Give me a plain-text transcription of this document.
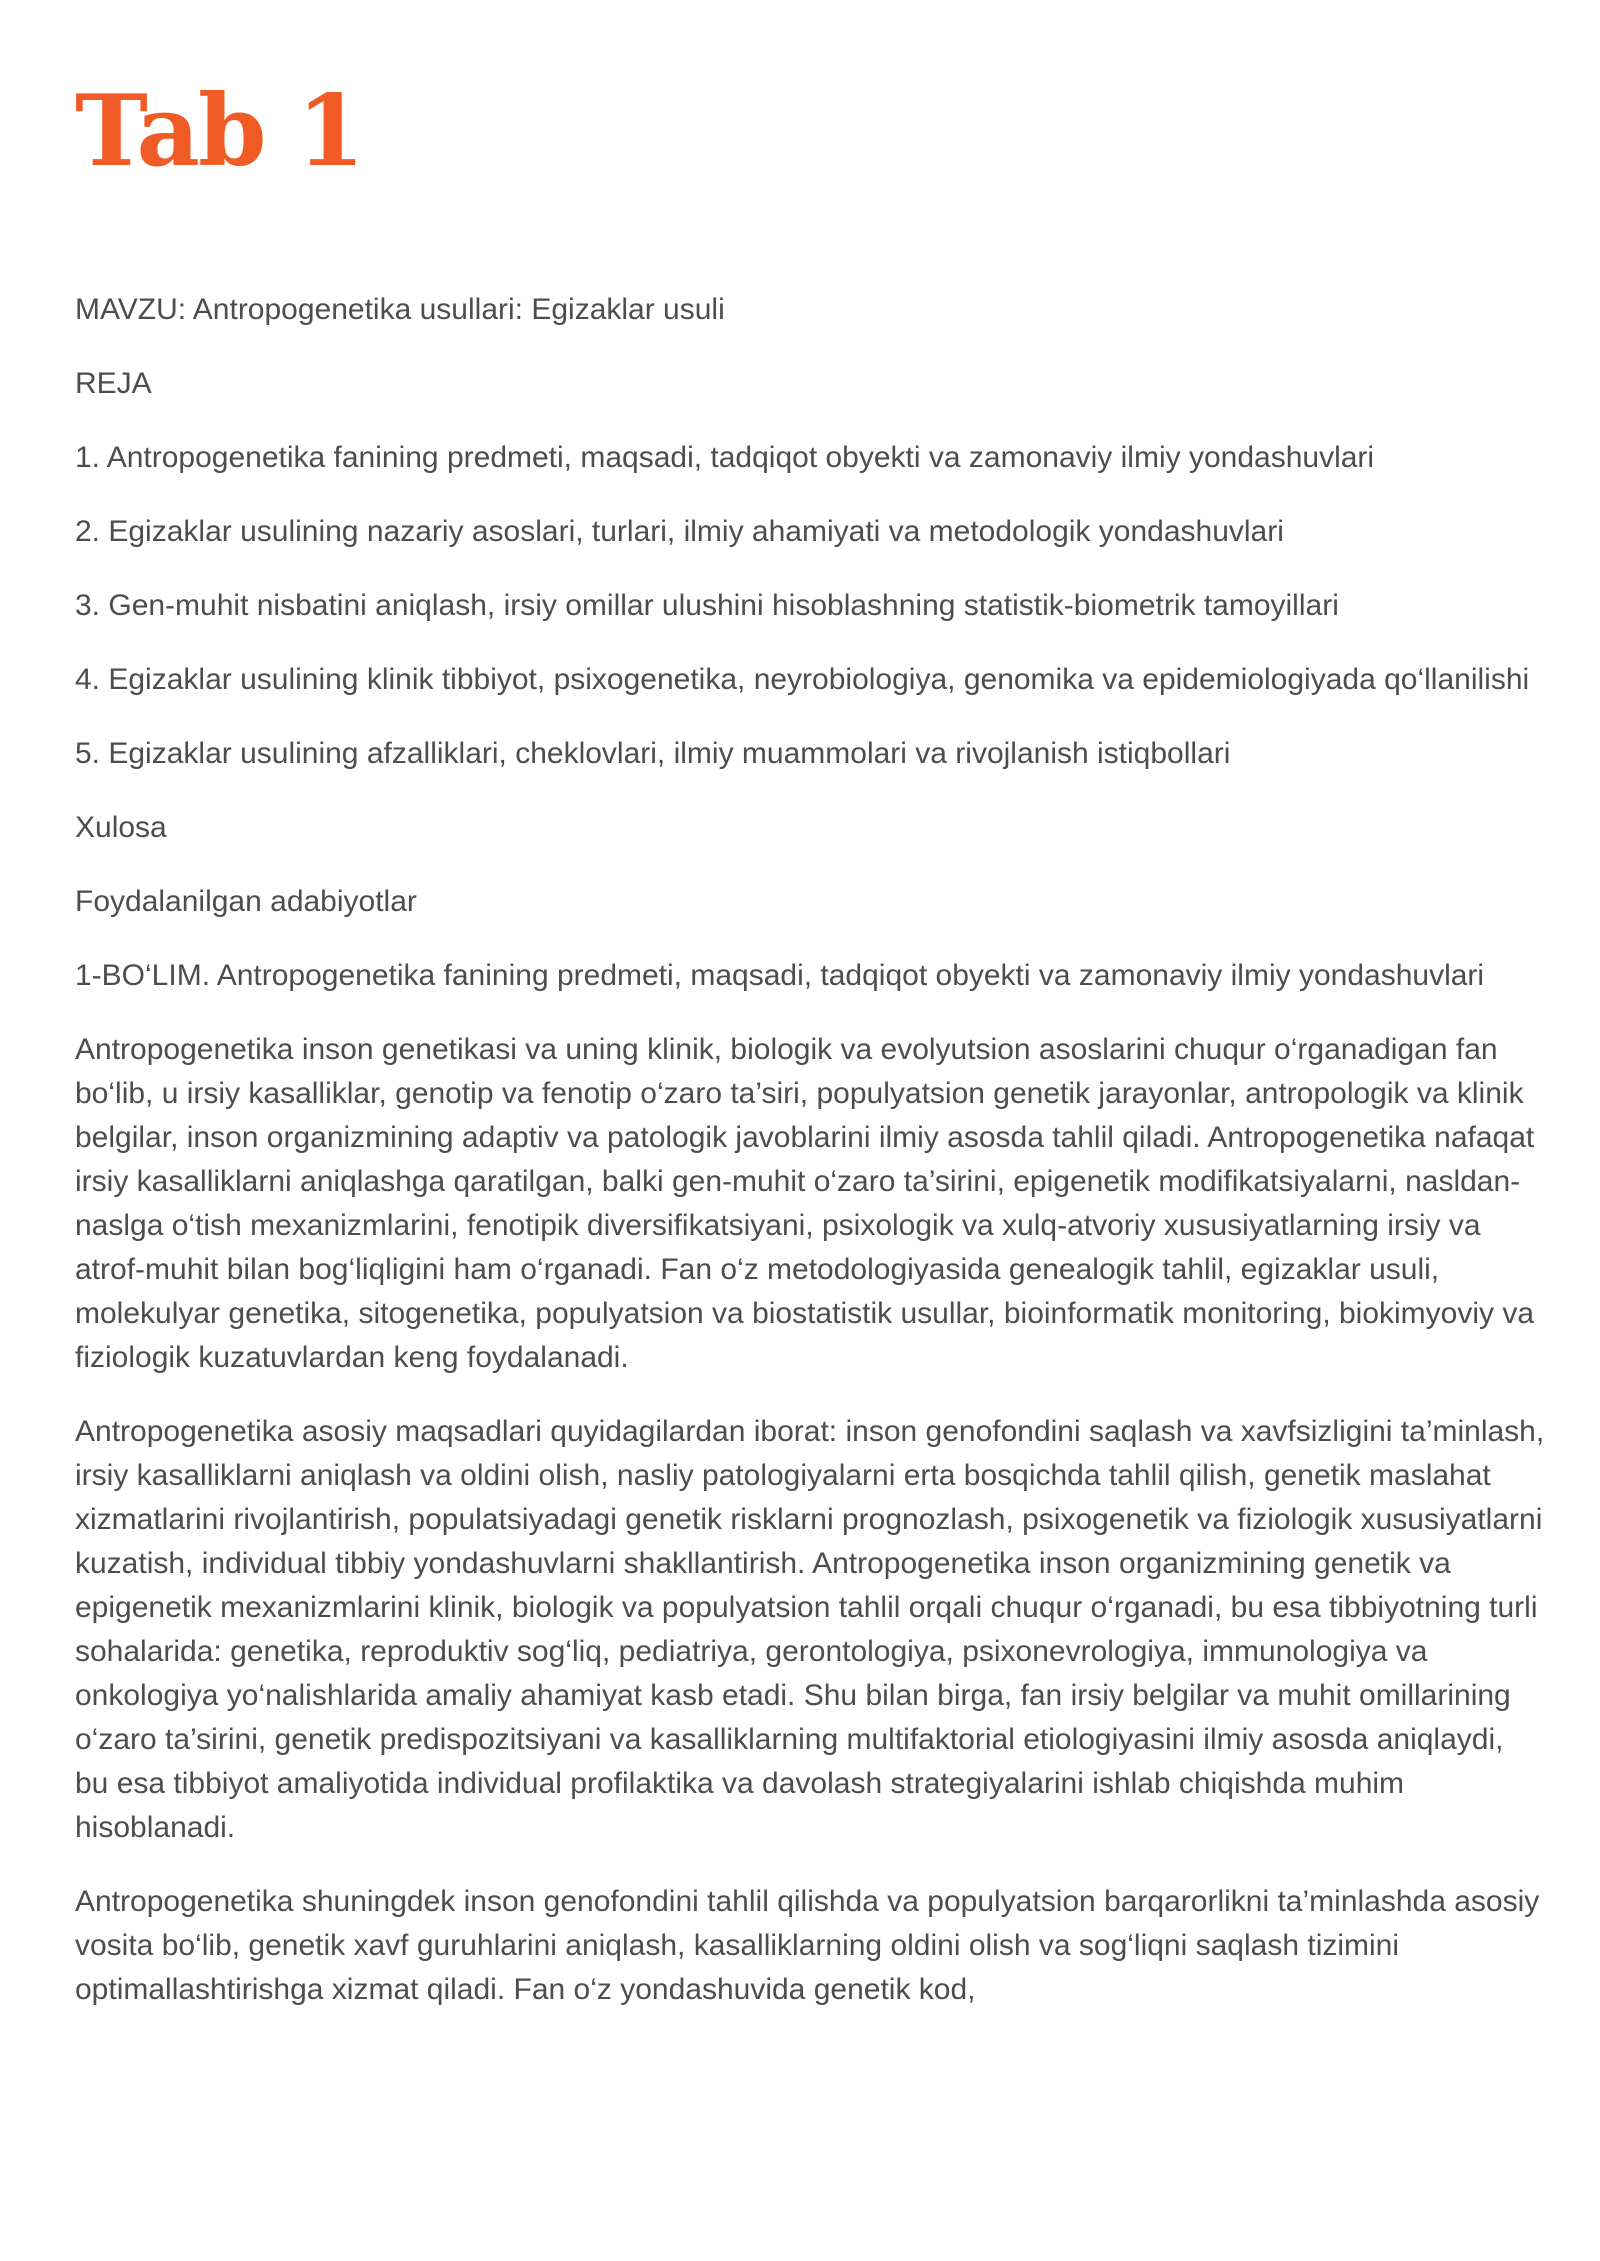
Tab 1

MAVZU: Antropogenetika usullari: Egizaklar usuli

REJA

1. Antropogenetika fanining predmeti, maqsadi, tadqiqot obyekti va zamonaviy ilmiy yondashuvlari

2. Egizaklar usulining nazariy asoslari, turlari, ilmiy ahamiyati va metodologik yondashuvlari

3. Gen-muhit nisbatini aniqlash, irsiy omillar ulushini hisoblashning statistik-biometrik tamoyillari

4. Egizaklar usulining klinik tibbiyot, psixogenetika, neyrobiologiya, genomika va epidemiologiyada qo‘llanilishi

5. Egizaklar usulining afzalliklari, cheklovlari, ilmiy muammolari va rivojlanish istiqbollari

Xulosa

Foydalanilgan adabiyotlar

1-BO‘LIM. Antropogenetika fanining predmeti, maqsadi, tadqiqot obyekti va zamonaviy ilmiy yondashuvlari

Antropogenetika inson genetikasi va uning klinik, biologik va evolyutsion asoslarini chuqur o‘rganadigan fan bo‘lib, u irsiy kasalliklar, genotip va fenotip o‘zaro ta’siri, populyatsion genetik jarayonlar, antropologik va klinik belgilar, inson organizmining adaptiv va patologik javoblarini ilmiy asosda tahlil qiladi. Antropogenetika nafaqat irsiy kasalliklarni aniqlashga qaratilgan, balki gen-muhit o‘zaro ta’sirini, epigenetik modifikatsiyalarni, nasldan-naslga o‘tish mexanizmlarini, fenotipik diversifikatsiyani, psixologik va xulq-atvoriy xususiyatlarning irsiy va atrof-muhit bilan bog‘liqligini ham o‘rganadi. Fan o‘z metodologiyasida genealogik tahlil, egizaklar usuli, molekulyar genetika, sitogenetika, populyatsion va biostatistik usullar, bioinformatik monitoring, biokimyoviy va fiziologik kuzatuvlardan keng foydalanadi.

Antropogenetika asosiy maqsadlari quyidagilardan iborat: inson genofondini saqlash va xavfsizligini ta’minlash, irsiy kasalliklarni aniqlash va oldini olish, nasliy patologiyalarni erta bosqichda tahlil qilish, genetik maslahat xizmatlarini rivojlantirish, populatsiyadagi genetik risklarni prognozlash, psixogenetik va fiziologik xususiyatlarni kuzatish, individual tibbiy yondashuvlarni shakllantirish. Antropogenetika inson organizmining genetik va epigenetik mexanizmlarini klinik, biologik va populyatsion tahlil orqali chuqur o‘rganadi, bu esa tibbiyotning turli sohalarida: genetika, reproduktiv sog‘liq, pediatriya, gerontologiya, psixonevrologiya, immunologiya va onkologiya yo‘nalishlarida amaliy ahamiyat kasb etadi. Shu bilan birga, fan irsiy belgilar va muhit omillarining o‘zaro ta’sirini, genetik predispozitsiyani va kasalliklarning multifaktorial etiologiyasini ilmiy asosda aniqlaydi, bu esa tibbiyot amaliyotida individual profilaktika va davolash strategiyalarini ishlab chiqishda muhim hisoblanadi.

Antropogenetika shuningdek inson genofondini tahlil qilishda va populyatsion barqarorlikni ta’minlashda asosiy vosita bo‘lib, genetik xavf guruhlarini aniqlash, kasalliklarning oldini olish va sog‘liqni saqlash tizimini optimallashtirishga xizmat qiladi. Fan o‘z yondashuvida genetik kod,
